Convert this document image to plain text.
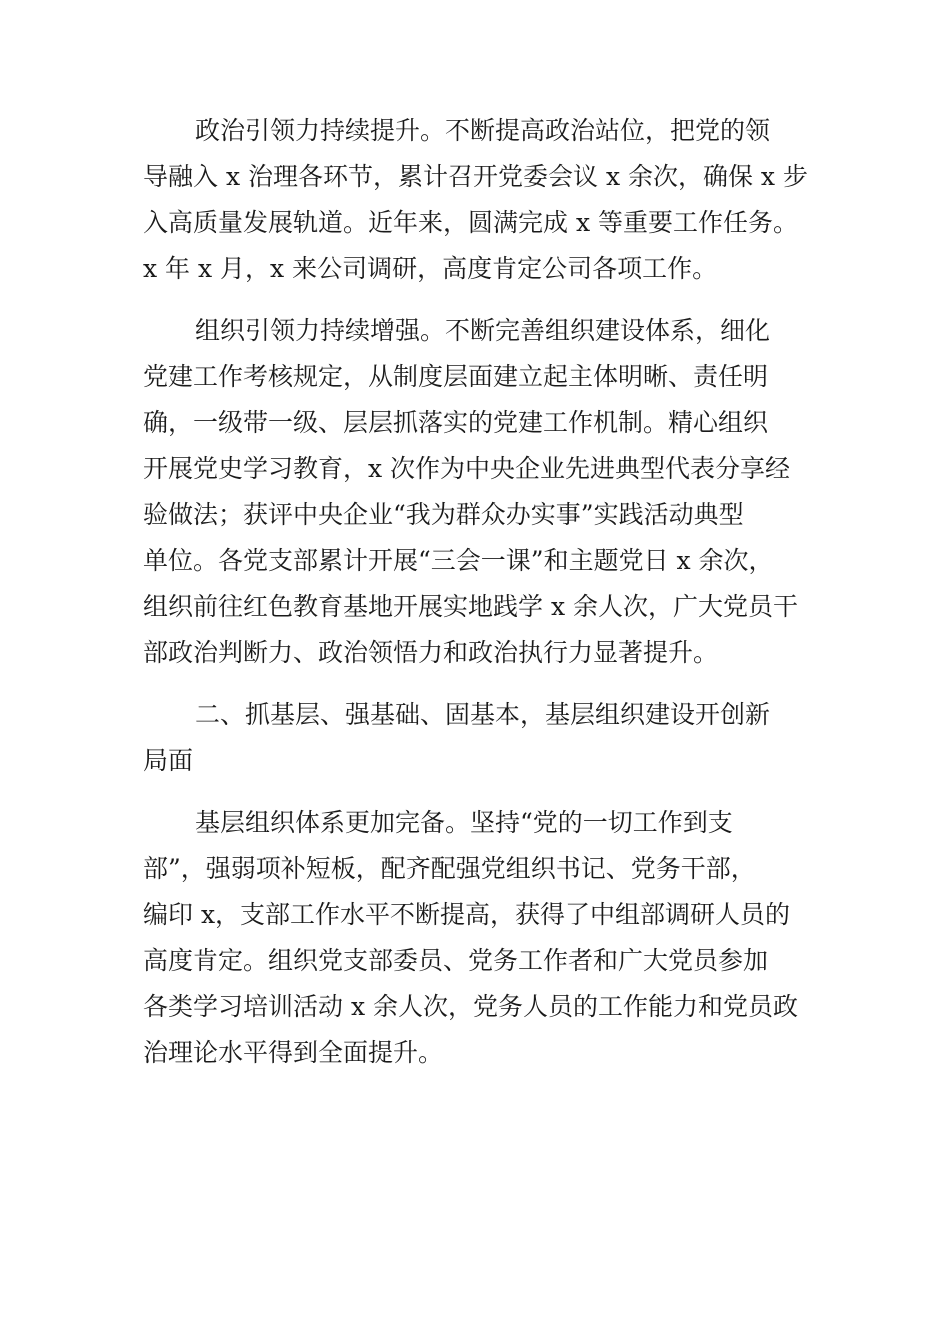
政治引领力持续提升。不断提高政治站位，把党的领
导融入 x 治理各环节，累计召开党委会议 x 余次，确保 x 步
入高质量发展轨道。近年来，圆满完成 x 等重要工作任务。
x 年 x 月，x 来公司调研，高度肯定公司各项工作。
组织引领力持续增强。不断完善组织建设体系，细化
党建工作考核规定，从制度层面建立起主体明晰、责任明
确，一级带一级、层层抓落实的党建工作机制。精心组织
开展党史学习教育，x 次作为中央企业先进典型代表分享经
验做法；获评中央企业“我为群众办实事”实践活动典型
单位。各党支部累计开展“三会一课”和主题党日 x 余次，
组织前往红色教育基地开展实地践学 x 余人次，广大党员干
部政治判断力、政治领悟力和政治执行力显著提升。
二、抓基层、强基础、固基本，基层组织建设开创新
局面
基层组织体系更加完备。坚持“党的一切工作到支
部”，强弱项补短板，配齐配强党组织书记、党务干部，
编印 x，支部工作水平不断提高，获得了中组部调研人员的
高度肯定。组织党支部委员、党务工作者和广大党员参加
各类学习培训活动 x 余人次，党务人员的工作能力和党员政
治理论水平得到全面提升。
